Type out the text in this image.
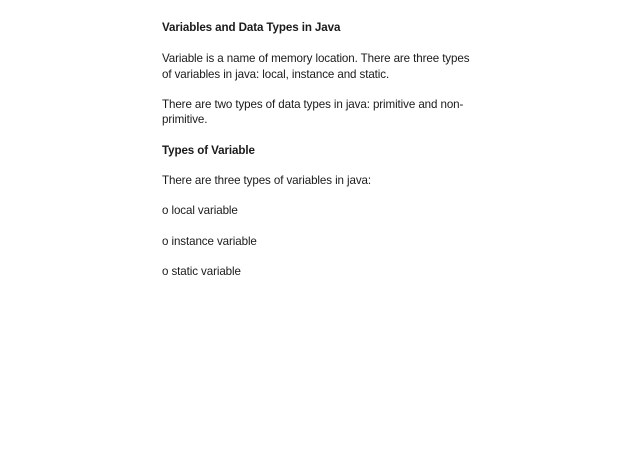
Variables and Data Types in Java
Variable is a name of memory location. There are three types
of variables in java: local, instance and static.
There are two types of data types in java: primitive and non-
primitive.
Types of Variable
There are three types of variables in java:
o local variable
o instance variable
o static variable
